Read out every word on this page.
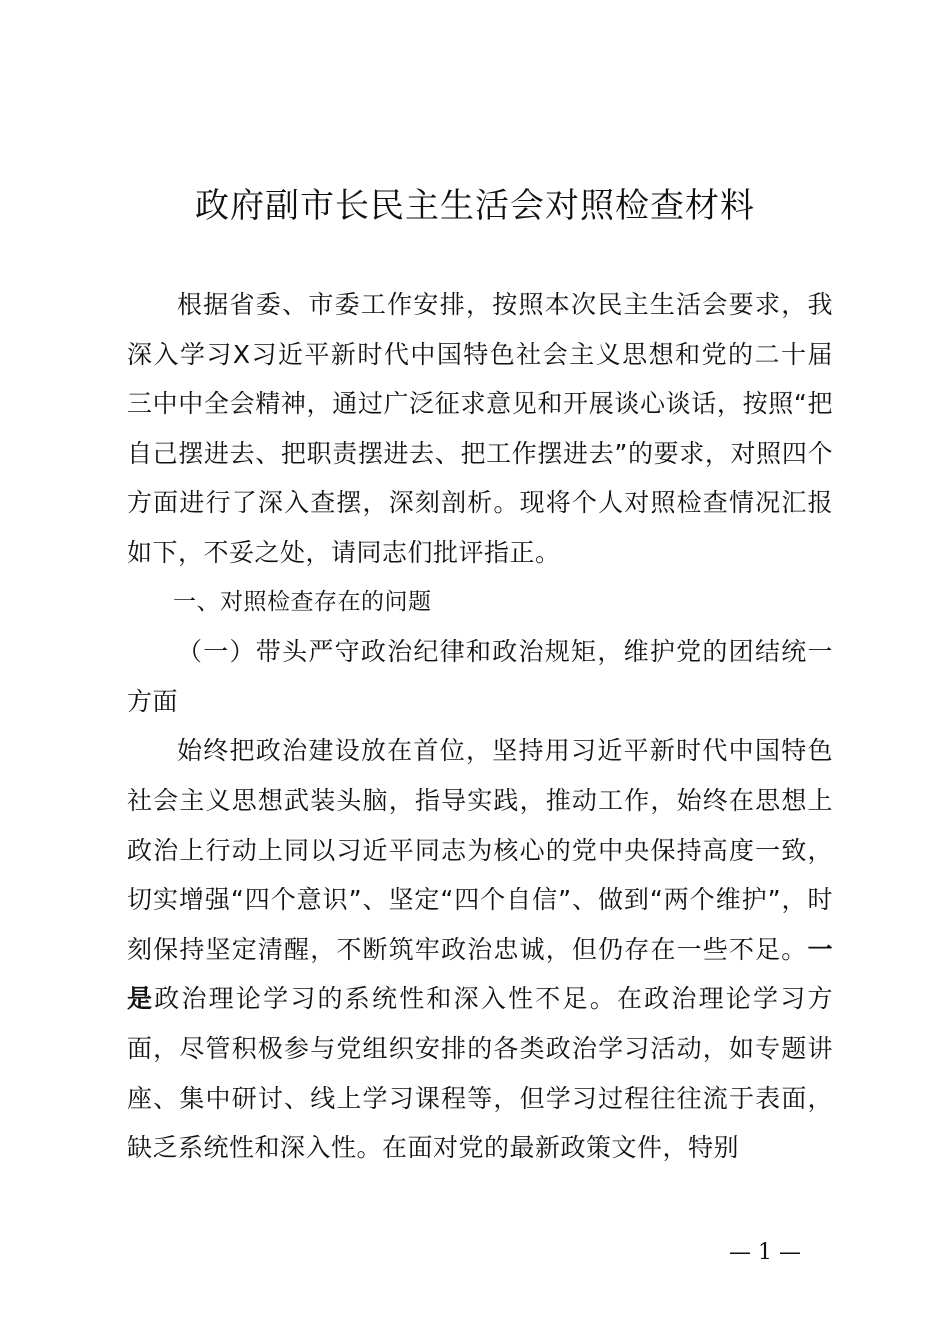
政府副市长民主生活会对照检查材料

根据省委、市委工作安排，按照本次民主生活会要求，我深入学习X习近平新时代中国特色社会主义思想和党的二十届三中中全会精神，通过广泛征求意见和开展谈心谈话，按照“把自己摆进去、把职责摆进去、把工作摆进去”的要求，对照四个方面进行了深入查摆，深刻剖析。现将个人对照检查情况汇报如下，不妥之处，请同志们批评指正。

一、对照检查存在的问题

（一）带头严守政治纪律和政治规矩，维护党的团结统一方面

始终把政治建设放在首位，坚持用习近平新时代中国特色社会主义思想武装头脑，指导实践，推动工作，始终在思想上政治上行动上同以习近平同志为核心的党中央保持高度一致，切实增强“四个意识”、坚定“四个自信”、做到“两个维护”，时刻保持坚定清醒，不断筑牢政治忠诚，但仍存在一些不足。一是政治理论学习的系统性和深入性不足。在政治理论学习方面，尽管积极参与党组织安排的各类政治学习活动，如专题讲座、集中研讨、线上学习课程等，但学习过程往往流于表面，缺乏系统性和深入性。在面对党的最新政策文件，特别

— 1 —
